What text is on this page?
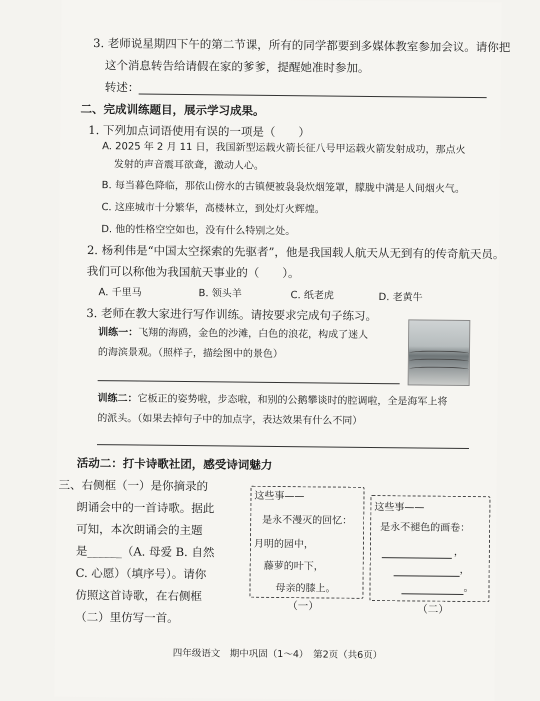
3. 老师说星期四下午的第二节课，所有的同学都要到多媒体教室参加会议。请你把
这个消息转告给请假在家的爹爹，提醒她准时参加。
转述：
二、完成训练题目，展示学习成果。
1. 下列加点词语使用有误的一项是（　　）
A. 2025 年 2 月 11 日，我国新型运载火箭长征八号甲运载火箭发射成功，那点火
发射的声音震耳欲聋，激动人心。
B. 每当暮色降临，那依山傍水的古镇便被袅袅炊烟笼罩，朦胧中满是人间烟火气。
C. 这座城市十分繁华，高楼林立，到处灯火辉煌。
D. 他的性格空空如也，没有什么特别之处。
2. 杨利伟是“中国太空探索的先驱者”，他是我国载人航天从无到有的传奇航天员。
我们可以称他为我国航天事业的（　　）。
A. 千里马	B. 领头羊	C. 纸老虎	D. 老黄牛
3. 老师在教大家进行写作训练。请按要求完成句子练习。
训练一：飞翔的海鸥，金色的沙滩，白色的浪花，构成了迷人
的海滨景观。（照样子，描绘图中的景色）
训练二：它板正的姿势啦，步态啦，和别的公鹅攀谈时的腔调啦，全是海军上将
的派头。（如果去掉句子中的加点字，表达效果有什么不同）
活动二：打卡诗歌社团，感受诗词魅力
三、右侧框（一）是你摘录的
朗诵会中的一首诗歌。据此
可知，本次朗诵会的主题
是______（A. 母爱 B. 自然
C. 心愿）（填序号）。请你
仿照这首诗歌，在右侧框
（二）里仿写一首。
这些事——
是永不漫灭的回忆：
月明的园中，
藤萝的叶下，
母亲的膝上。
（一）
这些事——
是永不褪色的画卷：
，
，
。
（二）
四年级语文　期中巩固（1～4）　第2页（共6页）
